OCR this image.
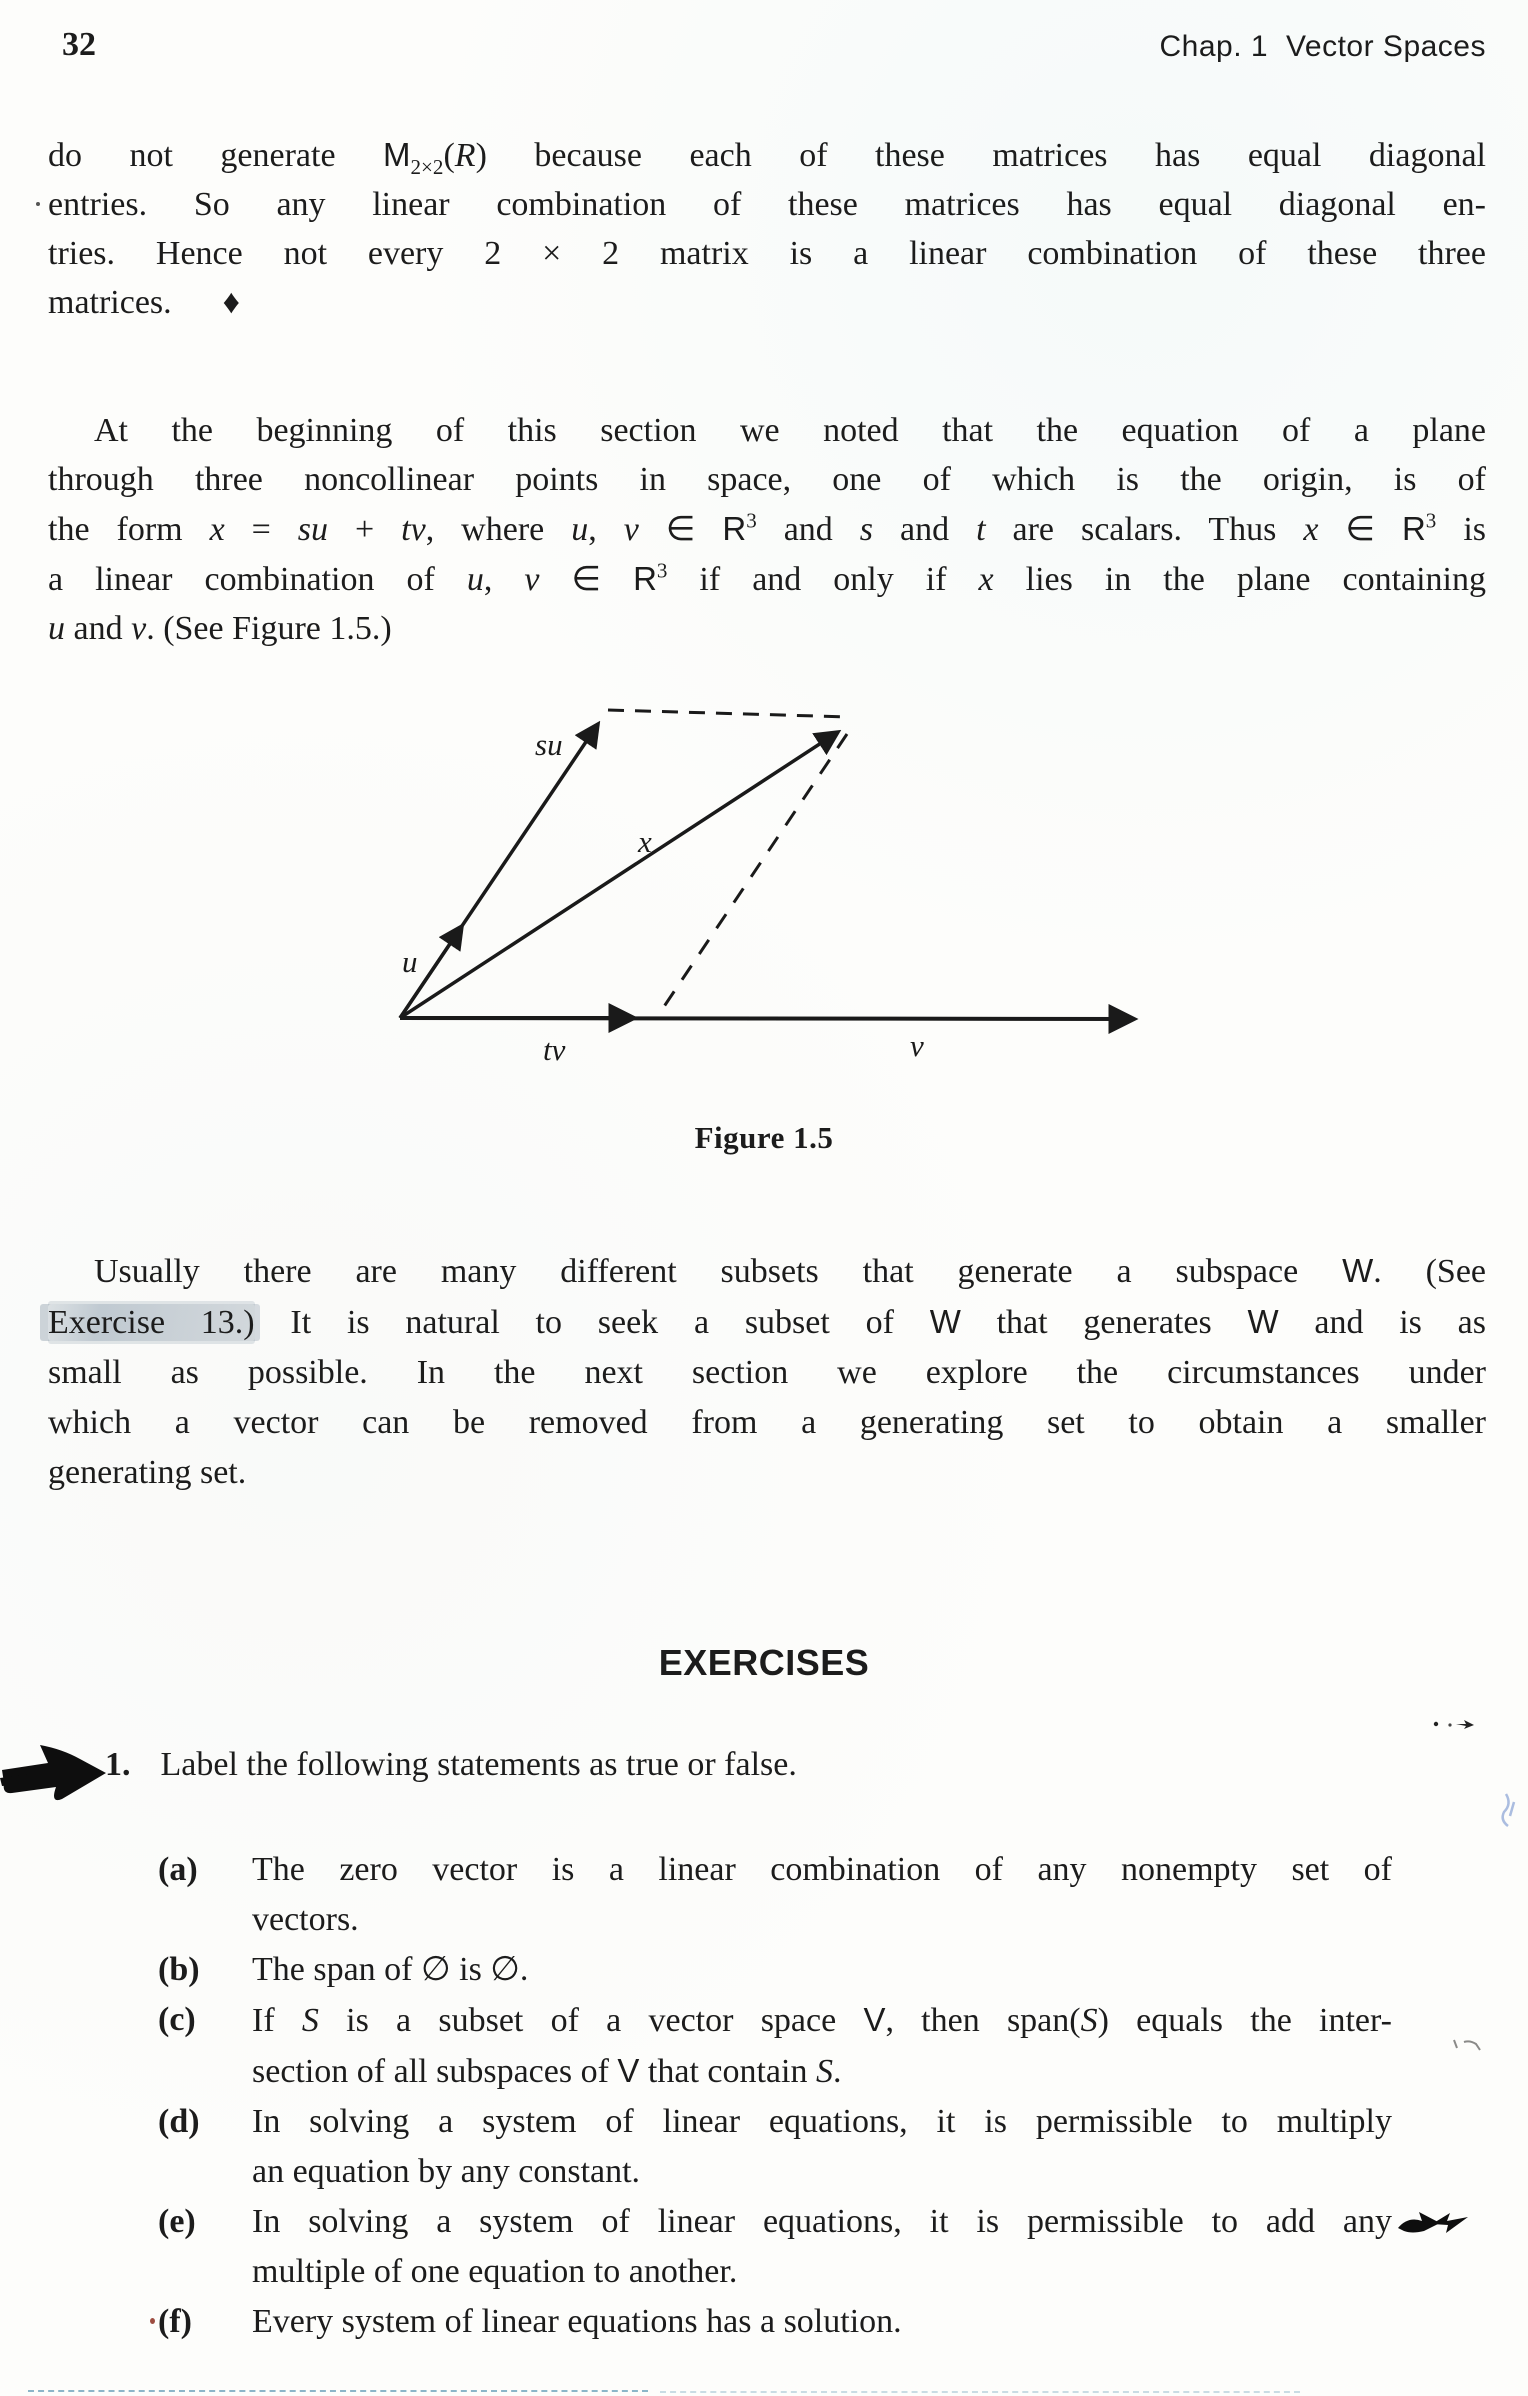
32	Chap. 1 Vector Spaces
do not generate $M_{2\times 2}(R)$ because each of these matrices has equal diagonal
entries. So any linear combination of these matrices has equal diagonal en-
tries. Hence not every 2 × 2 matrix is a linear combination of these three
matrices.   ♦
At the beginning of this section we noted that the equation of a plane
through three noncollinear points in space, one of which is the origin, is of
the form x = su + tv, where u, v ∈ $R^3$ and s and t are scalars. Thus x ∈ $R^3$ is
a linear combination of u, v ∈ $R^3$ if and only if x lies in the plane containing
u and v. (See Figure 1.5.)
su
x
u
tv	v
Figure 1.5
Usually there are many different subsets that generate a subspace W. (See
Exercise 13.) It is natural to seek a subset of W that generates W and is as
small as possible. In the next section we explore the circumstances under
which a vector can be removed from a generating set to obtain a smaller
generating set.
EXERCISES
1. Label the following statements as true or false.
(a)	The zero vector is a linear combination of any nonempty set of
vectors.
(b)	The span of ∅ is ∅.
(c)	If S is a subset of a vector space V, then span(S) equals the inter-
section of all subspaces of V that contain S.
(d)	In solving a system of linear equations, it is permissible to multiply
an equation by any constant.
(e)	In solving a system of linear equations, it is permissible to add any
multiple of one equation to another.
(f)	Every system of linear equations has a solution.
